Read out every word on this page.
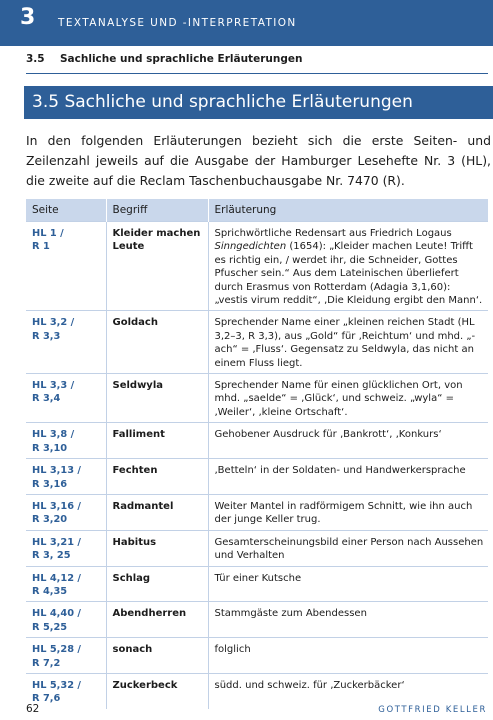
3 TEXTANALYSE UND -INTERPRETATION
3.5 Sachliche und sprachliche Erläuterungen
3.5 Sachliche und sprachliche Erläuterungen

In den folgenden Erläuterungen bezieht sich die erste Seiten- und Zeilenzahl jeweils auf die Ausgabe der Hamburger Lesehefte Nr. 3 (HL), die zweite auf die Reclam Taschenbuchausgabe Nr. 7470 (R).

Seite	Begriff	Erläuterung
HL 1 /
R 1	Kleider machen Leute	Sprichwörtliche Redensart aus Friedrich Logaus Sinngedichten (1654): „Kleider machen Leute! Trifft es richtig ein, / werdet ihr, die Schneider, Gottes Pfuscher sein.“ Aus dem Lateinischen überliefert durch Erasmus von Rotterdam (Adagia 3,1,60): „vestis virum reddit“, ‚Die Kleidung ergibt den Mann‘.
HL 3,2 /
R 3,3	Goldach	Sprechender Name einer „kleinen reichen Stadt (HL 3,2–3, R 3,3), aus „Gold“ für ‚Reichtum‘ und mhd. „-ach“ = ‚Fluss‘. Gegensatz zu Seldwyla, das nicht an einem Fluss liegt.
HL 3,3 /
R 3,4	Seldwyla	Sprechender Name für einen glücklichen Ort, von mhd. „saelde“ = ‚Glück‘, und schweiz. „wyla“ = ‚Weiler‘, ‚kleine Ortschaft‘.
HL 3,8 /
R 3,10	Falliment	Gehobener Ausdruck für ‚Bankrott‘, ‚Konkurs‘
HL 3,13 /
R 3,16	Fechten	‚Betteln‘ in der Soldaten- und Handwerkersprache
HL 3,16 /
R 3,20	Radmantel	Weiter Mantel in radförmigem Schnitt, wie ihn auch der junge Keller trug.
HL 3,21 /
R 3, 25	Habitus	Gesamterscheinungsbild einer Person nach Aussehen und Verhalten
HL 4,12 /
R 4,35	Schlag	Tür einer Kutsche
HL 4,40 /
R 5,25	Abendherren	Stammgäste zum Abendessen
HL 5,28 /
R 7,2	sonach	folglich
HL 5,32 /
R 7,6	Zuckerbeck	südd. und schweiz. für ‚Zuckerbäcker‘
62	GOTTFRIED KELLER
